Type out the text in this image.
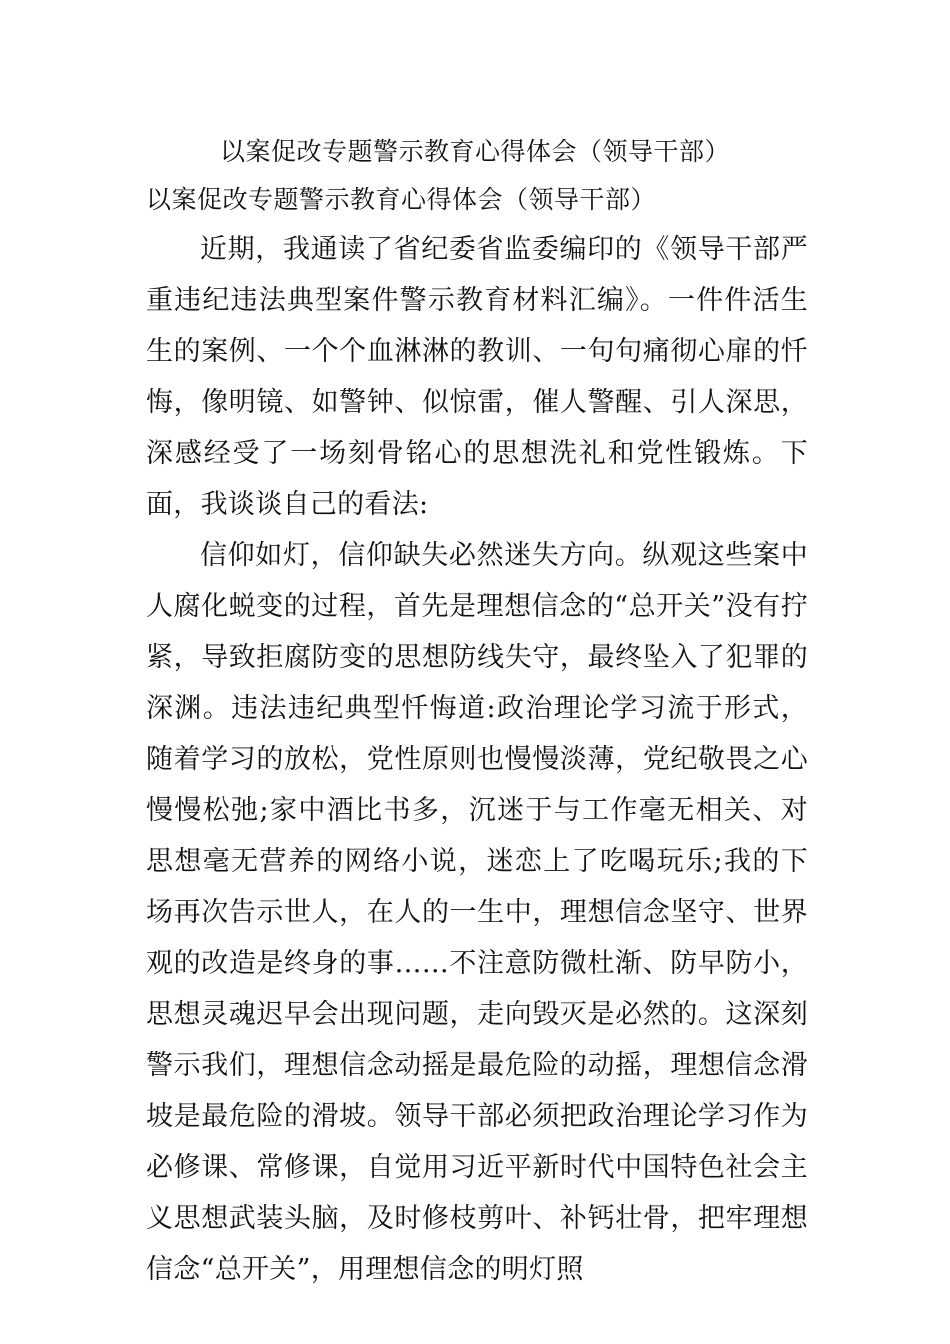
以案促改专题警示教育心得体会（领导干部）
以案促改专题警示教育心得体会（领导干部）

近期，我通读了省纪委省监委编印的《领导干部严重违纪违法典型案件警示教育材料汇编》。一件件活生生的案例、一个个血淋淋的教训、一句句痛彻心扉的忏悔，像明镜、如警钟、似惊雷，催人警醒、引人深思，深感经受了一场刻骨铭心的思想洗礼和党性锻炼。下面，我谈谈自己的看法:

信仰如灯，信仰缺失必然迷失方向。纵观这些案中人腐化蜕变的过程，首先是理想信念的“总开关”没有拧紧，导致拒腐防变的思想防线失守，最终坠入了犯罪的深渊。违法违纪典型忏悔道:政治理论学习流于形式，随着学习的放松，党性原则也慢慢淡薄，党纪敬畏之心慢慢松弛;家中酒比书多，沉迷于与工作毫无相关、对思想毫无营养的网络小说，迷恋上了吃喝玩乐;我的下场再次告示世人，在人的一生中，理想信念坚守、世界观的改造是终身的事……不注意防微杜渐、防早防小，思想灵魂迟早会出现问题，走向毁灭是必然的。这深刻警示我们，理想信念动摇是最危险的动摇，理想信念滑坡是最危险的滑坡。领导干部必须把政治理论学习作为必修课、常修课，自觉用习近平新时代中国特色社会主义思想武装头脑，及时修枝剪叶、补钙壮骨，把牢理想信念“总开关”，用理想信念的明灯照
